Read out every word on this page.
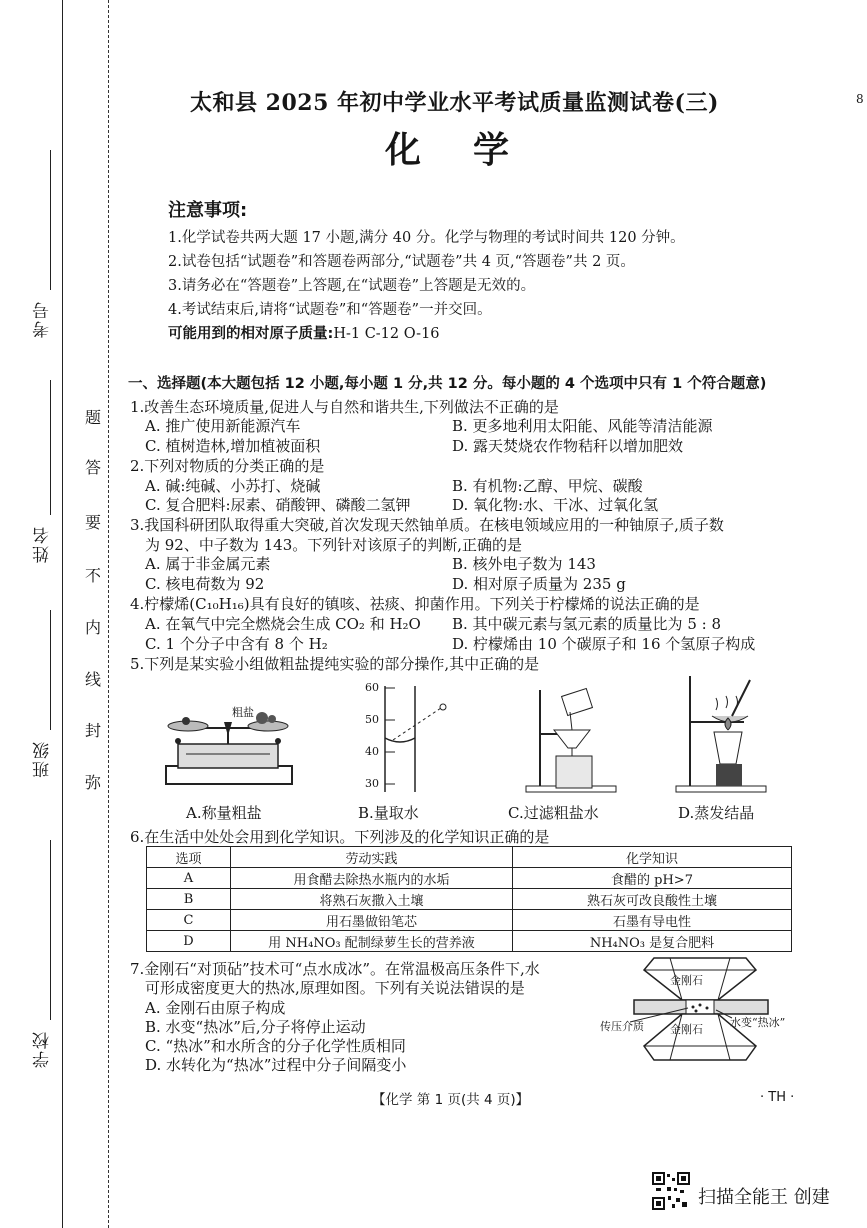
考号
姓名
班级
学校
题
答
要
不
内
线
封
弥
太和县 2025 年初中学业水平考试质量监测试卷(三)
化学
8
注意事项:
1.化学试卷共两大题 17 小题,满分 40 分。化学与物理的考试时间共 120 分钟。
2.试卷包括“试题卷”和答题卷两部分,“试题卷”共 4 页,“答题卷”共 2 页。
3.请务必在“答题卷”上答题,在“试题卷”上答题是无效的。
4.考试结束后,请将“试题卷”和“答题卷”一并交回。
可能用到的相对原子质量:H-1 C-12 O-16
一、选择题(本大题包括 12 小题,每小题 1 分,共 12 分。每小题的 4 个选项中只有 1 个符合题意)
1.改善生态环境质量,促进人与自然和谐共生,下列做法不正确的是
A. 推广使用新能源汽车	B. 更多地利用太阳能、风能等清洁能源
C. 植树造林,增加植被面积	D. 露天焚烧农作物秸秆以增加肥效
2.下列对物质的分类正确的是
A. 碱:纯碱、小苏打、烧碱	B. 有机物:乙醇、甲烷、碳酸
C. 复合肥料:尿素、硝酸钾、磷酸二氢钾	D. 氧化物:水、干冰、过氧化氢
3.我国科研团队取得重大突破,首次发现天然铀单质。在核电领域应用的一种铀原子,质子数
为 92、中子数为 143。下列针对该原子的判断,正确的是
A. 属于非金属元素	B. 核外电子数为 143
C. 核电荷数为 92	D. 相对原子质量为 235 g
4.柠檬烯(C₁₀H₁₆)具有良好的镇咳、祛痰、抑菌作用。下列关于柠檬烯的说法正确的是
A. 在氧气中完全燃烧会生成 CO₂ 和 H₂O B. 其中碳元素与氢元素的质量比为 5 : 8
C. 1 个分子中含有 8 个 H₂	D. 柠檬烯由 10 个碳原子和 16 个氢原子构成
5.下列是某实验小组做粗盐提纯实验的部分操作,其中正确的是
粗盐
60
50
40
30
A.称量粗盐	B.量取水	C.过滤粗盐水	D.蒸发结晶
6.在生活中处处会用到化学知识。下列涉及的化学知识正确的是
选项	劳动实践	化学知识
A	用食醋去除热水瓶内的水垢	食醋的 pH>7
B	将熟石灰撒入土壤	熟石灰可改良酸性土壤
C	用石墨做铅笔芯	石墨有导电性
D	用 NH₄NO₃ 配制绿萝生长的营养液	NH₄NO₃ 是复合肥料
7.金刚石“对顶砧”技术可“点水成冰”。在常温极高压条件下,水
可形成密度更大的热冰,原理如图。下列有关说法错误的是
A. 金刚石由原子构成
B. 水变“热冰”后,分子将停止运动
C. “热冰”和水所含的分子化学性质相同
D. 水转化为“热冰”过程中分子间隔变小
金刚石
金刚石
传压介质	水变“热冰”
【化学 第 1 页(共 4 页)】	· TH ·
扫描全能王 创建
